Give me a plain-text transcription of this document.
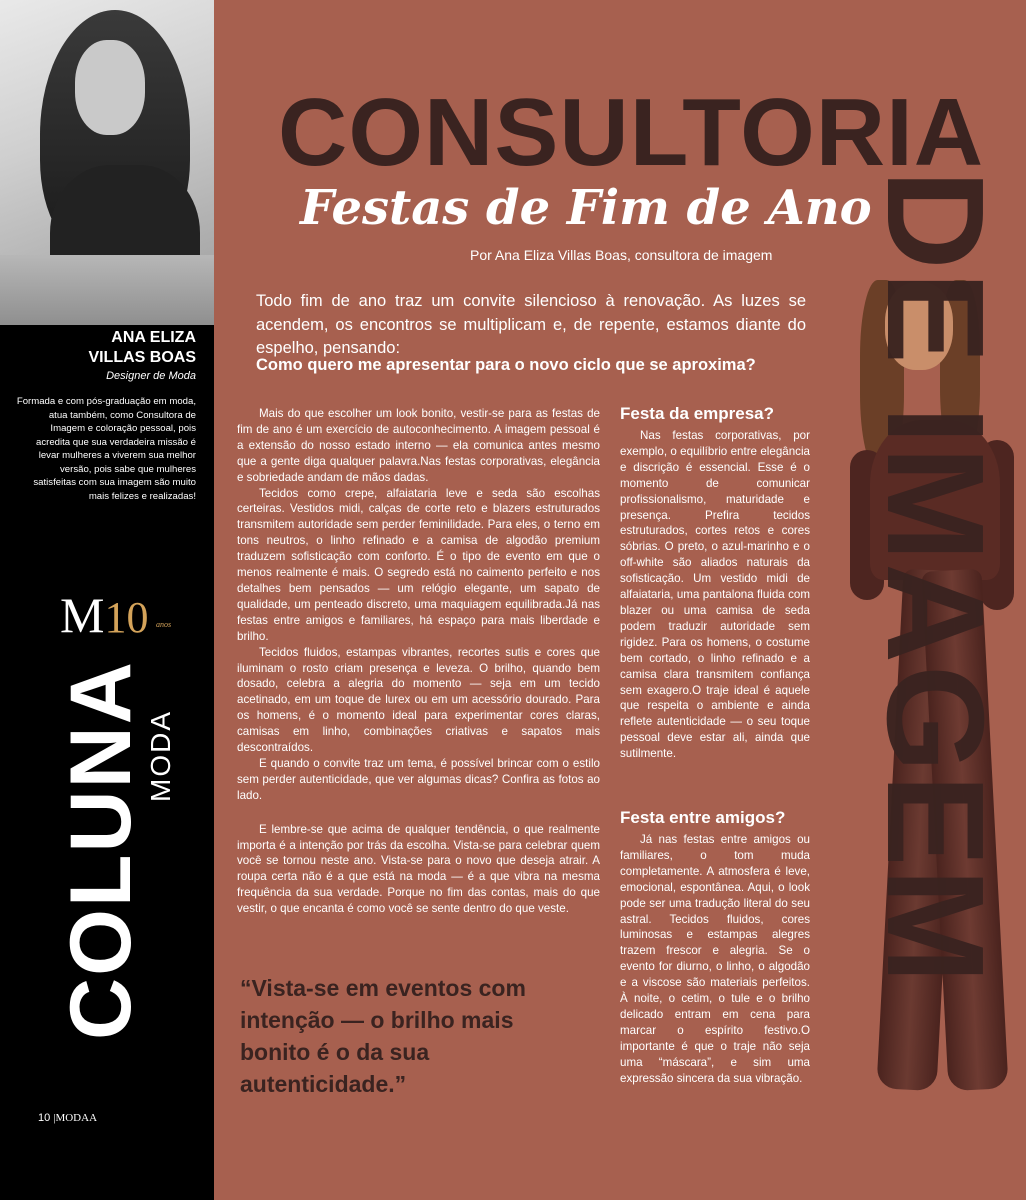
ANA ELIZA
VILLAS BOAS
Designer de Moda
Formada e com pós-graduação em moda, atua também, como Consultora de Imagem e coloração pessoal, pois acredita que sua verdadeira missão é levar mulheres a viverem sua melhor versão, pois sabe que mulheres satisfeitas com sua imagem são muito mais felizes e realizadas!
M10 anos
COLUNA
MODA
10 |MODAA
DE IMAGEM
CONSULTORIA
Festas de Fim de Ano
Por Ana Eliza Villas Boas, consultora de imagem

Todo fim de ano traz um convite silencioso à renovação. As luzes se acendem, os encontros se multiplicam e, de repente, estamos diante do espelho, pensando:

Como quero me apresentar para o novo ciclo que se aproxima?

Mais do que escolher um look bonito, vestir-se para as festas de fim de ano é um exercício de autoconhecimento. A imagem pessoal é a extensão do nosso estado interno — ela comunica antes mesmo que a gente diga qualquer palavra.Nas festas corporativas, elegância e sobriedade andam de mãos dadas.

Tecidos como crepe, alfaiataria leve e seda são escolhas certeiras. Vestidos midi, calças de corte reto e blazers estruturados transmitem autoridade sem perder feminilidade. Para eles, o terno em tons neutros, o linho refinado e a camisa de algodão premium traduzem sofisticação com conforto. É o tipo de evento em que o menos realmente é mais. O segredo está no caimento perfeito e nos detalhes bem pensados — um relógio elegante, um sapato de qualidade, um penteado discreto, uma maquiagem equilibrada.Já nas festas entre amigos e familiares, há espaço para mais liberdade e brilho.

Tecidos fluidos, estampas vibrantes, recortes sutis e cores que iluminam o rosto criam presença e leveza. O brilho, quando bem dosado, celebra a alegria do momento — seja em um tecido acetinado, em um toque de lurex ou em um acessório dourado. Para os homens, é o momento ideal para experimentar cores claras, camisas em linho, combinações criativas e sapatos mais descontraídos.

E quando o convite traz um tema, é possível brincar com o estilo sem perder autenticidade, que ver algumas dicas? Confira as fotos ao lado.

E lembre-se que acima de qualquer tendência, o que realmente importa é a intenção por trás da escolha. Vista-se para celebrar quem você se tornou neste ano. Vista-se para o novo que deseja atrair. A roupa certa não é a que está na moda — é a que vibra na mesma frequência da sua verdade. Porque no fim das contas, mais do que vestir, o que encanta é como você se sente dentro do que veste.

“Vista-se em eventos com intenção — o brilho mais bonito é o da sua autenticidade.”
Festa da empresa?

Nas festas corporativas, por exemplo, o equilíbrio entre elegância e discrição é essencial. Esse é o momento de comunicar profissionalismo, maturidade e presença. Prefira tecidos estruturados, cortes retos e cores sóbrias. O preto, o azul-marinho e o off-white são aliados naturais da sofisticação. Um vestido midi de alfaiataria, uma pantalona fluida com blazer ou uma camisa de seda podem traduzir autoridade sem rigidez. Para os homens, o costume bem cortado, o linho refinado e a camisa clara transmitem confiança sem exagero.O traje ideal é aquele que respeita o ambiente e ainda reflete autenticidade — o seu toque pessoal deve estar ali, ainda que sutilmente.

Festa entre amigos?

Já nas festas entre amigos ou familiares, o tom muda completamente. A atmosfera é leve, emocional, espontânea. Aqui, o look pode ser uma tradução literal do seu astral. Tecidos fluidos, cores luminosas e estampas alegres trazem frescor e alegria. Se o evento for diurno, o linho, o algodão e a viscose são materiais perfeitos. À noite, o cetim, o tule e o brilho delicado entram em cena para marcar o espírito festivo.O importante é que o traje não seja uma “máscara”, e sim uma expressão sincera da sua vibração.
